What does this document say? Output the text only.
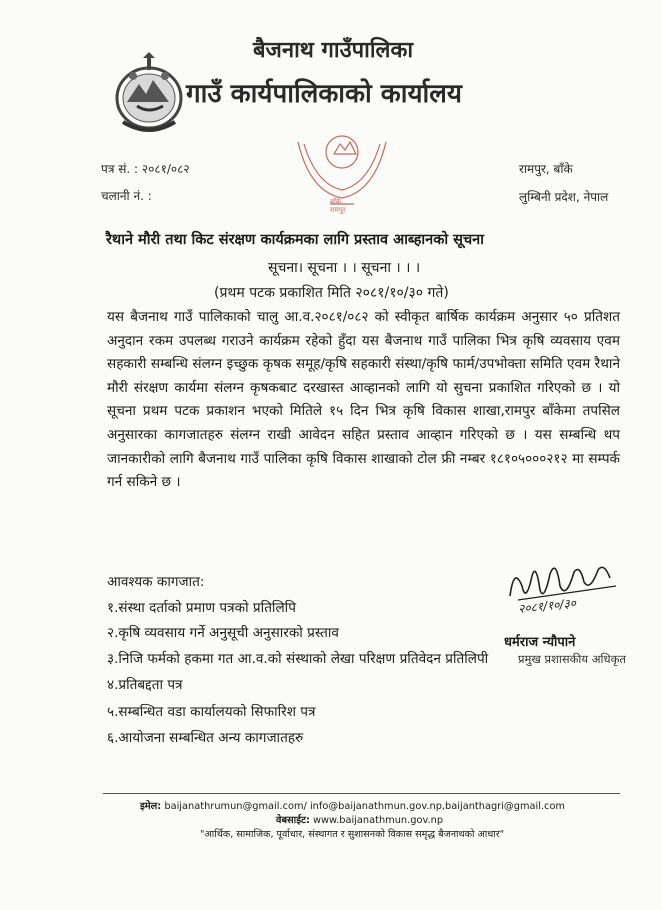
बैजनाथ गाउँपालिका
गाउँ कार्यपालिकाको कार्यालय
पत्र सं. : २०८१/०८२
चलानी नं. :
रामपुर, बाँके
लुम्बिनी प्रदेश, नेपाल
बाँके
रामपुर
रैथाने मौरी तथा किट संरक्षण कार्यक्रमका लागि प्रस्ताव आब्हानको सूचना
सूचना। सूचना । । सूचना । । ।
(प्रथम पटक प्रकाशित मिति २०८१/१०/३० गते)
यस बैजनाथ गाउँ पालिकाको चालु आ.व.२०८१/०८२ को स्वीकृत बार्षिक कार्यक्रम अनुसार ५० प्रतिशत अनुदान रकम उपलब्ध गराउने कार्यक्रम रहेको हुँदा यस बैजनाथ गाउँ पालिका भित्र कृषि व्यवसाय एवम सहकारी सम्बन्धि संलग्न इच्छुक कृषक समूह/कृषि सहकारी संस्था/कृषि फार्म/उपभोक्ता समिति एवम रैथाने मौरी संरक्षण कार्यमा संलग्न कृषकबाट दरखास्त आव्हानको लागि यो सुचना प्रकाशित गरिएको छ । यो सूचना प्रथम पटक प्रकाशन भएको मितिले १५ दिन भित्र कृषि विकास शाखा,रामपुर बाँकेमा तपसिल अनुसारका कागजातहरु संलग्न राखी आवेदन सहित प्रस्ताव आव्हान गरिएको छ । यस सम्बन्धि थप जानकारीको लागि बैजनाथ गाउँ पालिका कृषि विकास शाखाको टोल फ्री नम्बर १८१०५०००२१२ मा सम्पर्क गर्न सकिने छ ।
आवश्यक कागजात:
१.संस्था दर्ताको प्रमाण पत्रको प्रतिलिपि
२.कृषि व्यवसाय गर्ने अनुसूची अनुसारको प्रस्ताव
३.निजि फर्मको हकमा गत आ.व.को संस्थाको लेखा परिक्षण प्रतिवेदन प्रतिलिपी
४.प्रतिबद्दता पत्र
५.सम्बन्धित वडा कार्यालयको सिफारिश पत्र
६.आयोजना सम्बन्धित अन्य कागजातहरु
२०८१/१०/३०
धर्मराज न्यौपाने
प्रमुख प्रशासकीय अधिकृत
इमेल: baijanathrumun@gmail.com/ info@baijanathmun.gov.np,baijanthagri@gmail.com
वेबसाईट: www.baijanathmun.gov.np
"आर्थिक, सामाजिक, पूर्वाधार, संस्थागत र सुशासनको विकास समृद्ध बैजनाथको आधार"
